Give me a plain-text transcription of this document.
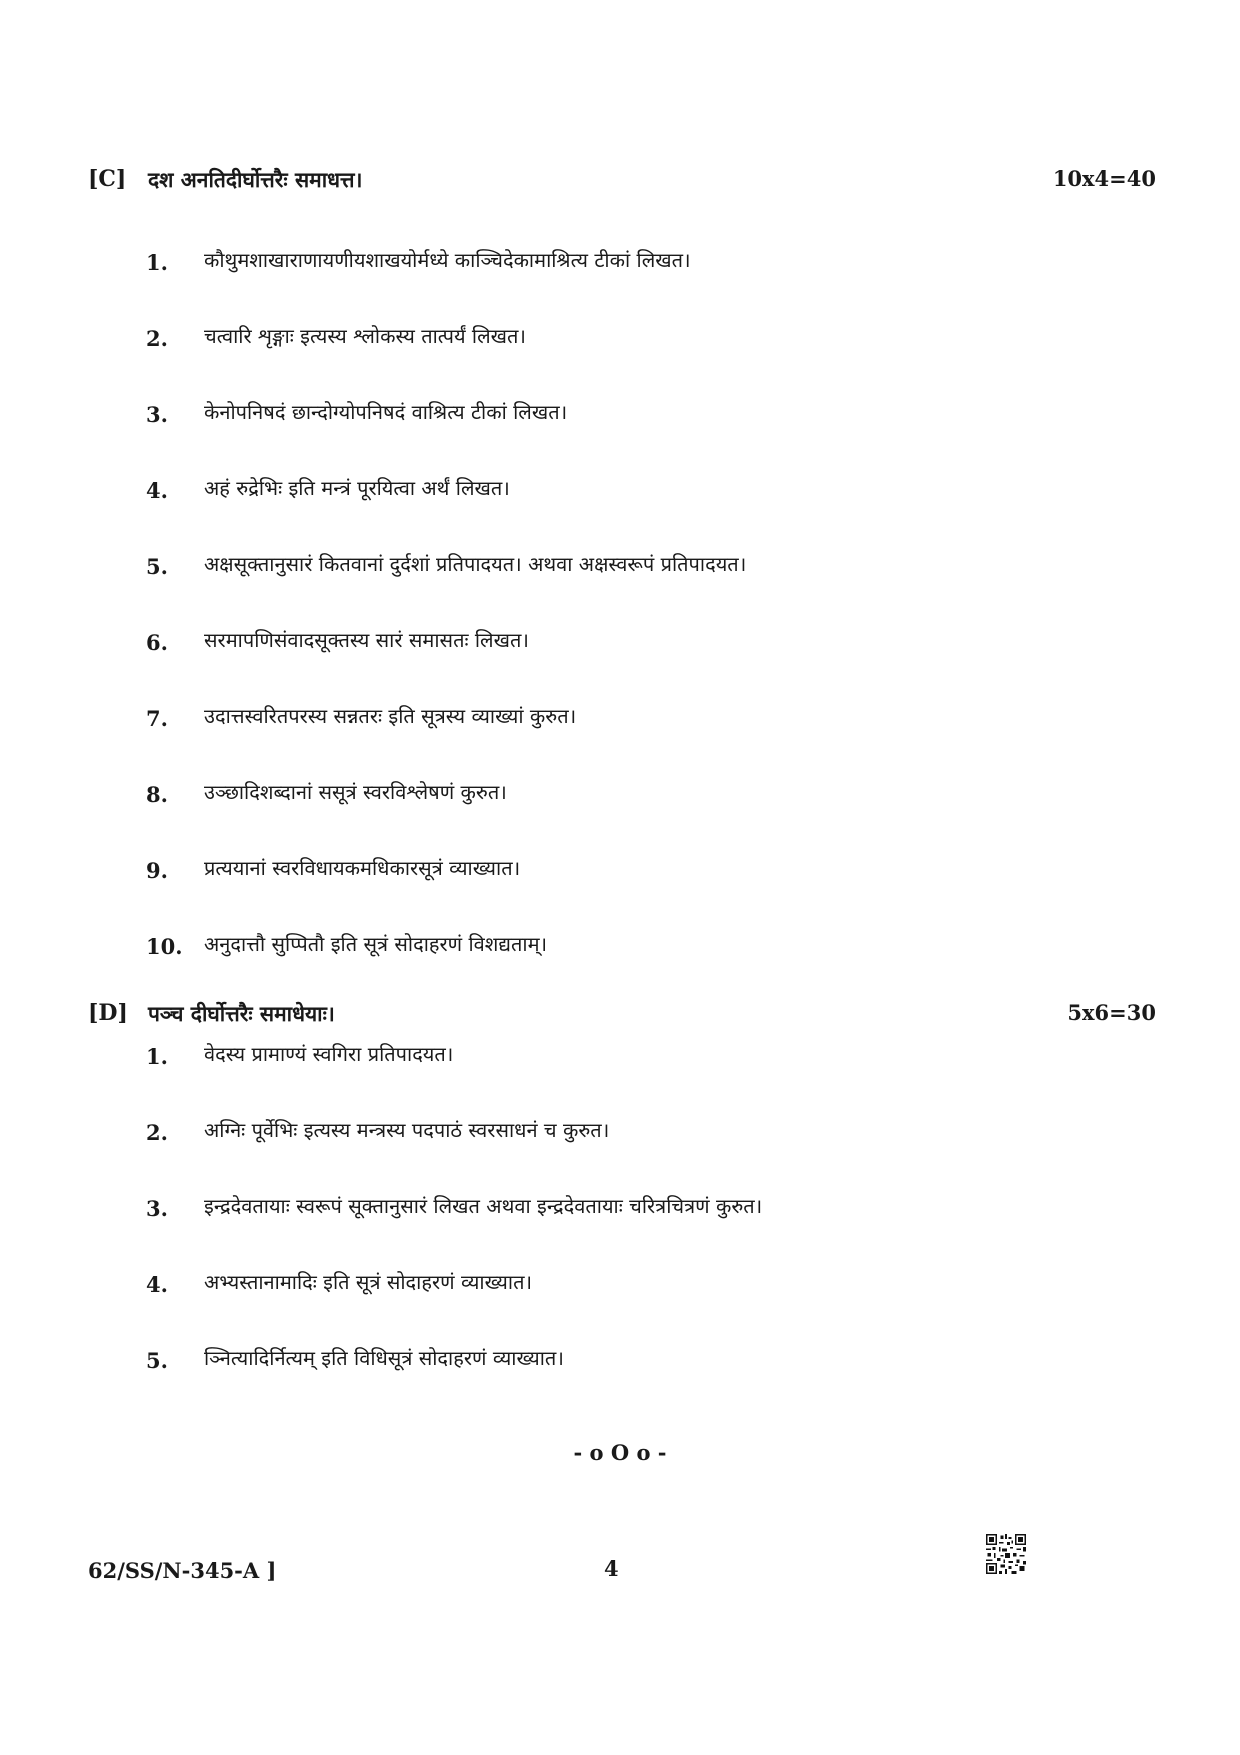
[C] दश अनतिदीर्घोत्तरैः समाधत्त।	10x4=40
1. कौथुमशाखाराणायणीयशाखयोर्मध्ये काञ्चिदेकामाश्रित्य टीकां लिखत।
2. चत्वारि शृङ्गाः इत्यस्य श्लोकस्य तात्पर्यं लिखत।
3. केनोपनिषदं छान्दोग्योपनिषदं वाश्रित्य टीकां लिखत।
4. अहं रुद्रेभिः इति मन्त्रं पूरयित्वा अर्थं लिखत।
5. अक्षसूक्तानुसारं कितवानां दुर्दशां प्रतिपादयत। अथवा अक्षस्वरूपं प्रतिपादयत।
6. सरमापणिसंवादसूक्तस्य सारं समासतः लिखत।
7. उदात्तस्वरितपरस्य सन्नतरः इति सूत्रस्य व्याख्यां कुरुत।
8. उञ्छादिशब्दानां ससूत्रं स्वरविश्लेषणं कुरुत।
9. प्रत्ययानां स्वरविधायकमधिकारसूत्रं व्याख्यात।
10. अनुदात्तौ सुप्पितौ इति सूत्रं सोदाहरणं विशद्यताम्।
[D] पञ्च दीर्घोत्तरैः समाधेयाः।	5x6=30
1. वेदस्य प्रामाण्यं स्वगिरा प्रतिपादयत।
2. अग्निः पूर्वेभिः इत्यस्य मन्त्रस्य पदपाठं स्वरसाधनं च कुरुत।
3. इन्द्रदेवतायाः स्वरूपं सूक्तानुसारं लिखत अथवा इन्द्रदेवतायाः चरित्रचित्रणं कुरुत।
4. अभ्यस्तानामादिः इति सूत्रं सोदाहरणं व्याख्यात।
5. ञ्नित्यादिर्नित्यम् इति विधिसूत्रं सोदाहरणं व्याख्यात।
- o O o -
62/SS/N-345-A ]	4
